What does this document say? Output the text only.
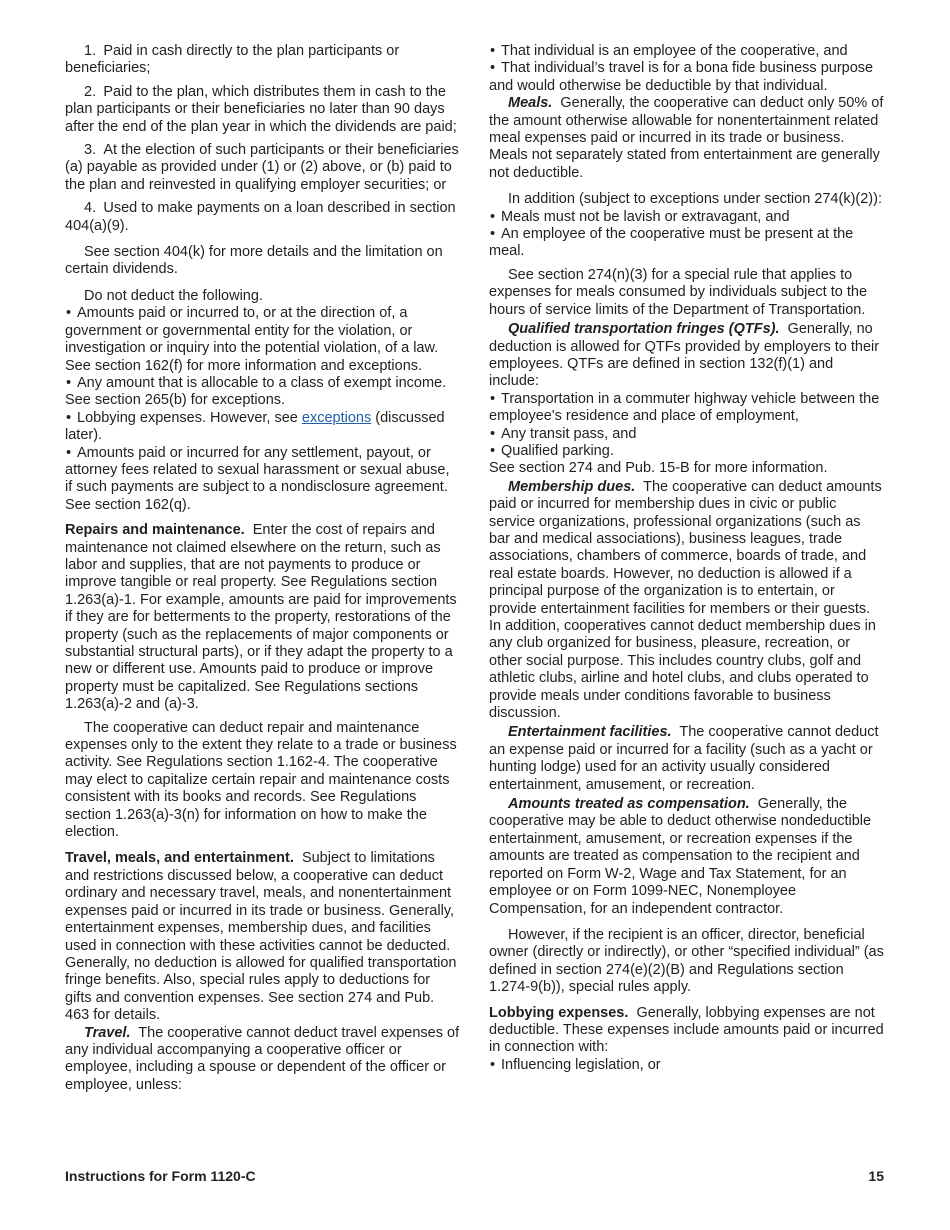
1. Paid in cash directly to the plan participants or beneficiaries;

2. Paid to the plan, which distributes them in cash to the plan participants or their beneficiaries no later than 90 days after the end of the plan year in which the dividends are paid;

3. At the election of such participants or their beneficiaries (a) payable as provided under (1) or (2) above, or (b) paid to the plan and reinvested in qualifying employer securities; or

4. Used to make payments on a loan described in section 404(a)(9).

See section 404(k) for more details and the limitation on certain dividends.

Do not deduct the following.

• Amounts paid or incurred to, or at the direction of, a government or governmental entity for the violation, or investigation or inquiry into the potential violation, of a law. See section 162(f) for more information and exceptions.

• Any amount that is allocable to a class of exempt income. See section 265(b) for exceptions.

• Lobbying expenses. However, see exceptions (discussed later).

• Amounts paid or incurred for any settlement, payout, or attorney fees related to sexual harassment or sexual abuse, if such payments are subject to a nondisclosure agreement. See section 162(q).

Repairs and maintenance. Enter the cost of repairs and maintenance not claimed elsewhere on the return, such as labor and supplies, that are not payments to produce or improve tangible or real property. See Regulations section 1.263(a)-1. For example, amounts are paid for improvements if they are for betterments to the property, restorations of the property (such as the replacements of major components or substantial structural parts), or if they adapt the property to a new or different use. Amounts paid to produce or improve property must be capitalized. See Regulations sections 1.263(a)-2 and (a)-3.

The cooperative can deduct repair and maintenance expenses only to the extent they relate to a trade or business activity. See Regulations section 1.162-4. The cooperative may elect to capitalize certain repair and maintenance costs consistent with its books and records. See Regulations section 1.263(a)-3(n) for information on how to make the election.

Travel, meals, and entertainment. Subject to limitations and restrictions discussed below, a cooperative can deduct ordinary and necessary travel, meals, and nonentertainment expenses paid or incurred in its trade or business. Generally, entertainment expenses, membership dues, and facilities used in connection with these activities cannot be deducted. Generally, no deduction is allowed for qualified transportation fringe benefits. Also, special rules apply to deductions for gifts and convention expenses. See section 274 and Pub. 463 for details.

Travel. The cooperative cannot deduct travel expenses of any individual accompanying a cooperative officer or employee, including a spouse or dependent of the officer or employee, unless:

• That individual is an employee of the cooperative, and

• That individual’s travel is for a bona fide business purpose and would otherwise be deductible by that individual.

Meals. Generally, the cooperative can deduct only 50% of the amount otherwise allowable for nonentertainment related meal expenses paid or incurred in its trade or business. Meals not separately stated from entertainment are generally not deductible.

In addition (subject to exceptions under section 274(k)(2)):

• Meals must not be lavish or extravagant, and

• An employee of the cooperative must be present at the meal.

See section 274(n)(3) for a special rule that applies to expenses for meals consumed by individuals subject to the hours of service limits of the Department of Transportation.

Qualified transportation fringes (QTFs). Generally, no deduction is allowed for QTFs provided by employers to their employees. QTFs are defined in section 132(f)(1) and include:

• Transportation in a commuter highway vehicle between the employee's residence and place of employment,

• Any transit pass, and

• Qualified parking.

See section 274 and Pub. 15-B for more information.

Membership dues. The cooperative can deduct amounts paid or incurred for membership dues in civic or public service organizations, professional organizations (such as bar and medical associations), business leagues, trade associations, chambers of commerce, boards of trade, and real estate boards. However, no deduction is allowed if a principal purpose of the organization is to entertain, or provide entertainment facilities for members or their guests. In addition, cooperatives cannot deduct membership dues in any club organized for business, pleasure, recreation, or other social purpose. This includes country clubs, golf and athletic clubs, airline and hotel clubs, and clubs operated to provide meals under conditions favorable to business discussion.

Entertainment facilities. The cooperative cannot deduct an expense paid or incurred for a facility (such as a yacht or hunting lodge) used for an activity usually considered entertainment, amusement, or recreation.

Amounts treated as compensation. Generally, the cooperative may be able to deduct otherwise nondeductible entertainment, amusement, or recreation expenses if the amounts are treated as compensation to the recipient and reported on Form W-2, Wage and Tax Statement, for an employee or on Form 1099-NEC, Nonemployee Compensation, for an independent contractor.

However, if the recipient is an officer, director, beneficial owner (directly or indirectly), or other “specified individual” (as defined in section 274(e)(2)(B) and Regulations section 1.274-9(b)), special rules apply.

Lobbying expenses. Generally, lobbying expenses are not deductible. These expenses include amounts paid or incurred in connection with:

• Influencing legislation, or

Instructions for Form 1120-C	15
